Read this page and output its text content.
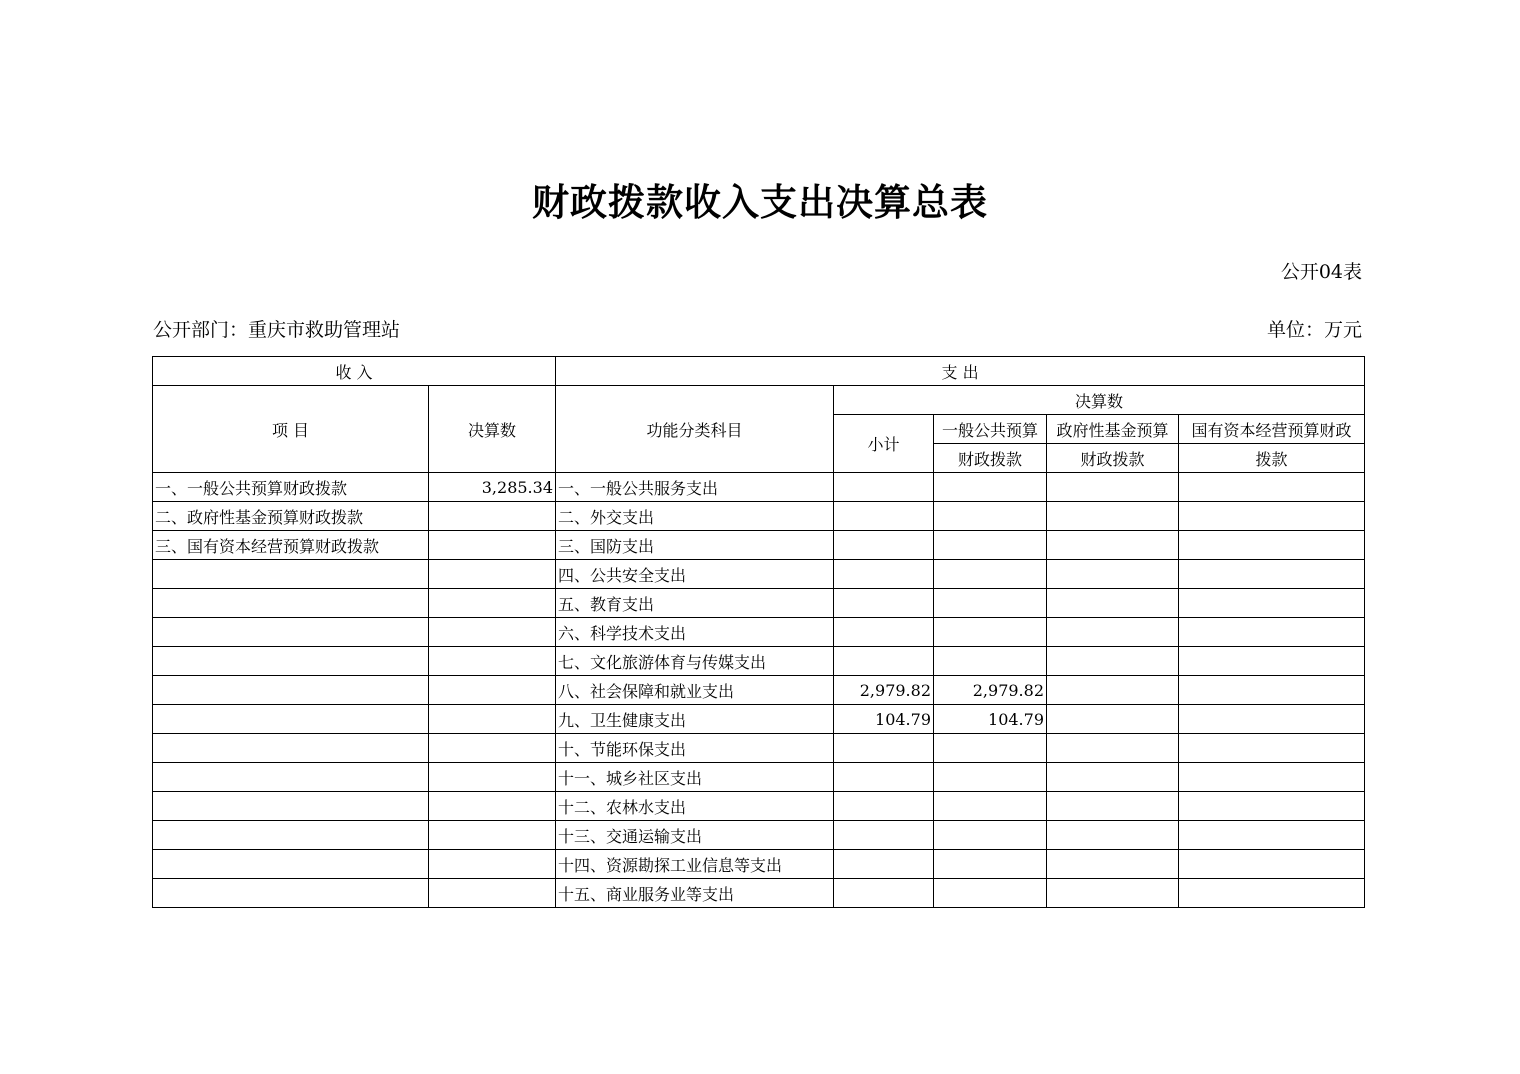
财政拨款收入支出决算总表
公开04表
公开部门：重庆市救助管理站	单位：万元
收 入		支 出				
项 目	决算数	功能分类科目	决算数			
			小计	一般公共预算	政府性基金预算	国有资本经营预算财政
				财政拨款	财政拨款	拨款
一、一般公共预算财政拨款	3,285.34	一、一般公共服务支出				
二、政府性基金预算财政拨款		二、外交支出				
三、国有资本经营预算财政拨款		三、国防支出				
		四、公共安全支出				
		五、教育支出				
		六、科学技术支出				
		七、文化旅游体育与传媒支出				
		八、社会保障和就业支出	2,979.82	2,979.82		
		九、卫生健康支出	104.79	104.79		
		十、节能环保支出				
		十一、城乡社区支出				
		十二、农林水支出				
		十三、交通运输支出				
		十四、资源勘探工业信息等支出				
		十五、商业服务业等支出				
